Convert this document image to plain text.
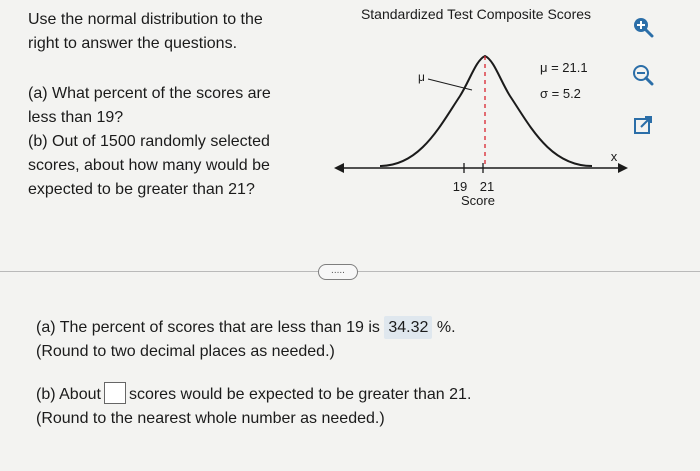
Use the normal distribution to the right to answer the questions.

(a) What percent of the scores are less than 19?

(b) Out of 1500 randomly selected scores, about how many would be expected to be greater than 21?

Standardized Test Composite Scores
μ
μ = 21.1
σ = 5.2
19 21
x
Score
.....

(a) The percent of scores that are less than 19 is 34.32 %.

(Round to two decimal places as needed.)

(b) About scores would be expected to be greater than 21.

(Round to the nearest whole number as needed.)
